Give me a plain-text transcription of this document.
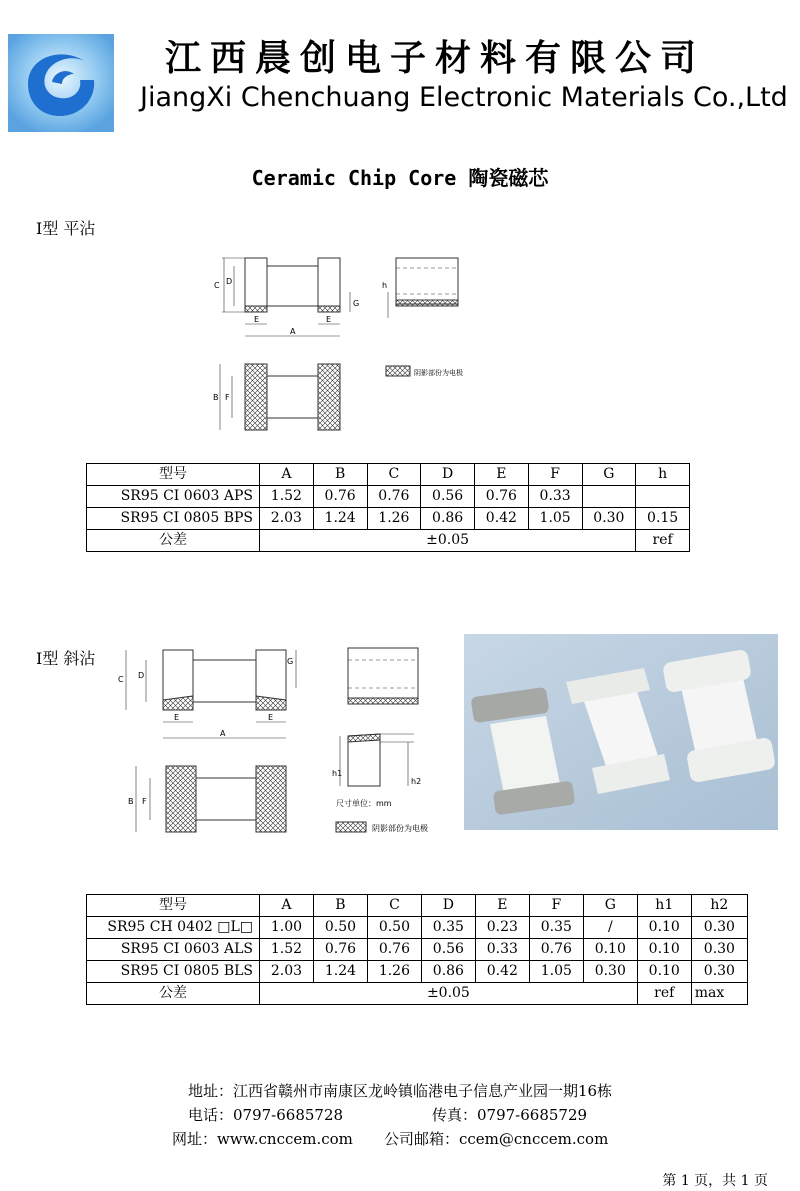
江西晨创电子材料有限公司
JiangXi Chenchuang Electronic Materials Co.,Ltd
Ceramic Chip Core 陶瓷磁芯
I型 平沾
C D
G
E	E
A
h
B F
阴影部份为电极
型号	A	B	C	D	E	F	G	h
SR95 CI 0603 APS	1.52	0.76	0.76	0.56	0.76	0.33		
SR95 CI 0805 BPS	2.03	1.24	1.26	0.86	0.42	1.05	0.30	0.15
公差	±0.05							ref
I型 斜沾
C D
G
E	E
A
h1
h2
尺寸单位：mm
B F
阴影部份为电极
型号	A	B	C	D	E	F	G	h1	h2
SR95 CH 0402 □L□	1.00	0.50	0.50	0.35	0.23	0.35	/	0.10	0.30
SR95 CI 0603 ALS	1.52	0.76	0.76	0.56	0.33	0.76	0.10	0.10	0.30
SR95 CI 0805 BLS	2.03	1.24	1.26	0.86	0.42	1.05	0.30	0.10	0.30
公差	±0.05							ref	max
地址：江西省赣州市南康区龙岭镇临港电子信息产业园一期16栋
电话：0797-6685728	传真：0797-6685729
网址：www.cnccem.com 公司邮箱：ccem@cnccem.com
第 1 页，共 1 页
